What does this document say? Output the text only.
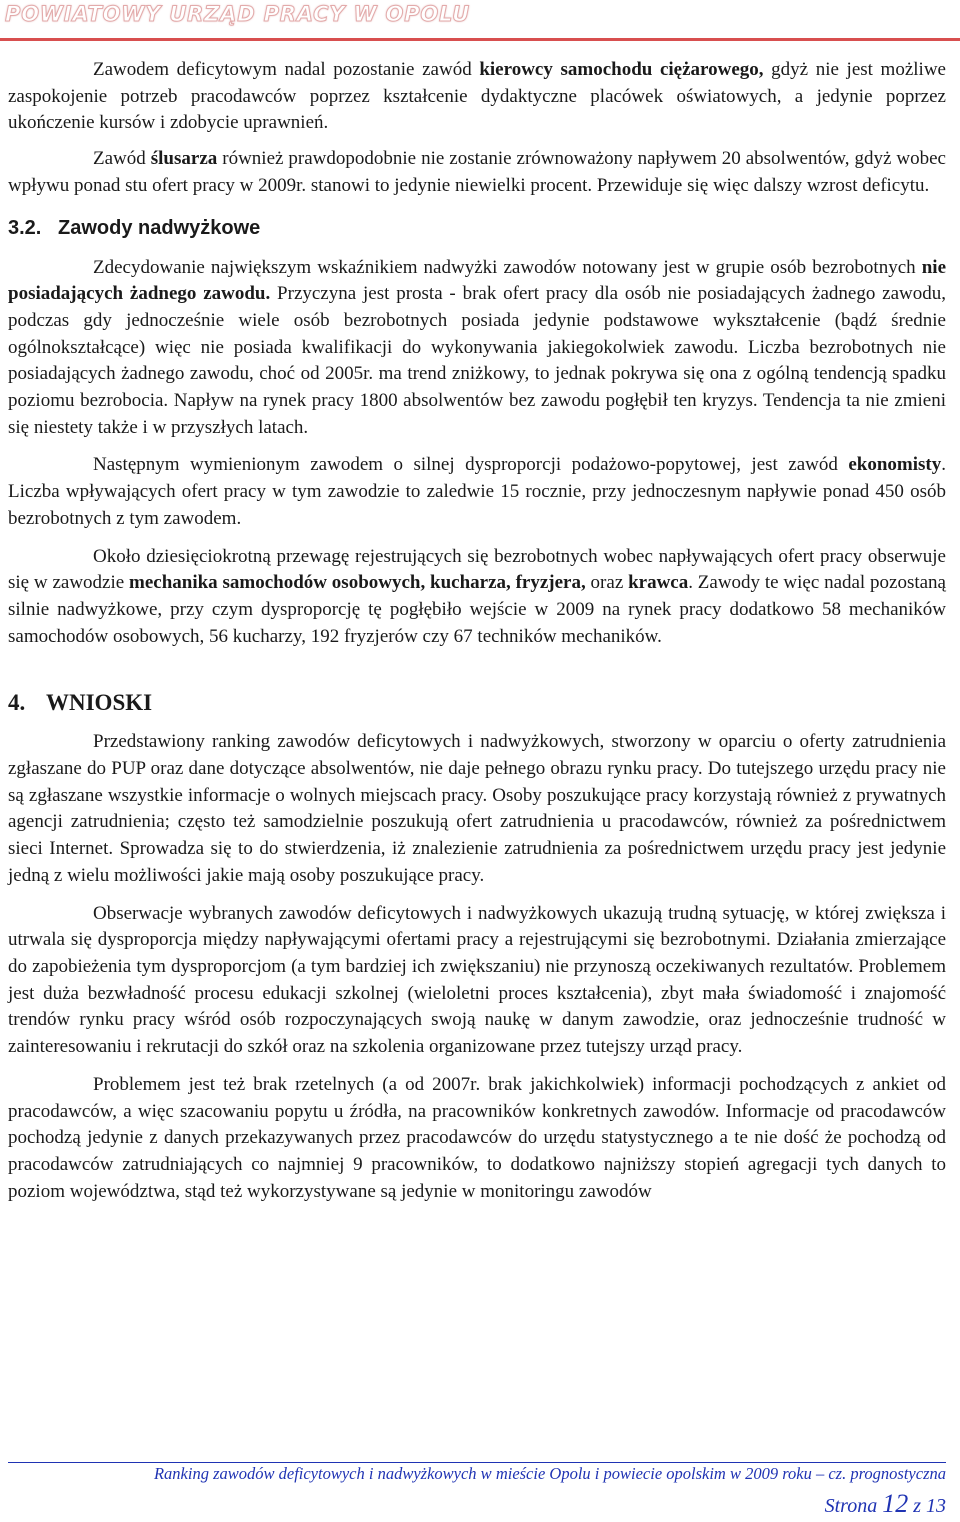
POWIATOWY URZĄD PRACY W OPOLU

Zawodem deficytowym nadal pozostanie zawód kierowcy samochodu ciężarowego, gdyż nie jest możliwe zaspokojenie potrzeb pracodawców poprzez kształcenie dydaktyczne placówek oświatowych, a jedynie poprzez ukończenie kursów i zdobycie uprawnień.

Zawód ślusarza również prawdopodobnie nie zostanie zrównoważony napływem 20 absolwentów, gdyż wobec wpływu ponad stu ofert pracy w 2009r. stanowi to jedynie niewielki procent. Przewiduje się więc dalszy wzrost deficytu.

3.2. Zawody nadwyżkowe

Zdecydowanie największym wskaźnikiem nadwyżki zawodów notowany jest w grupie osób bezrobotnych nie posiadających żadnego zawodu. Przyczyna jest prosta - brak ofert pracy dla osób nie posiadających żadnego zawodu, podczas gdy jednocześnie wiele osób bezrobotnych posiada jedynie podstawowe wykształcenie (bądź średnie ogólnokształcące) więc nie posiada kwalifikacji do wykonywania jakiegokolwiek zawodu. Liczba bezrobotnych nie posiadających żadnego zawodu, choć od 2005r. ma trend zniżkowy, to jednak pokrywa się ona z ogólną tendencją spadku poziomu bezrobocia. Napływ na rynek pracy 1800 absolwentów bez zawodu pogłębił ten kryzys. Tendencja ta nie zmieni się niestety także i w przyszłych latach.

Następnym wymienionym zawodem o silnej dysproporcji podażowo-popytowej, jest zawód ekonomisty. Liczba wpływających ofert pracy w tym zawodzie to zaledwie 15 rocznie, przy jednoczesnym napływie ponad 450 osób bezrobotnych z tym zawodem.

Około dziesięciokrotną przewagę rejestrujących się bezrobotnych wobec napływających ofert pracy obserwuje się w zawodzie mechanika samochodów osobowych, kucharza, fryzjera, oraz krawca. Zawody te więc nadal pozostaną silnie nadwyżkowe, przy czym dysproporcję tę pogłębiło wejście w 2009 na rynek pracy dodatkowo 58 mechaników samochodów osobowych, 56 kucharzy, 192 fryzjerów czy 67 techników mechaników.

4. WNIOSKI

Przedstawiony ranking zawodów deficytowych i nadwyżkowych, stworzony w oparciu o oferty zatrudnienia zgłaszane do PUP oraz dane dotyczące absolwentów, nie daje pełnego obrazu rynku pracy. Do tutejszego urzędu pracy nie są zgłaszane wszystkie informacje o wolnych miejscach pracy. Osoby poszukujące pracy korzystają również z prywatnych agencji zatrudnienia; często też samodzielnie poszukują ofert zatrudnienia u pracodawców, również za pośrednictwem sieci Internet. Sprowadza się to do stwierdzenia, iż znalezienie zatrudnienia za pośrednictwem urzędu pracy jest jedynie jedną z wielu możliwości jakie mają osoby poszukujące pracy.

Obserwacje wybranych zawodów deficytowych i nadwyżkowych ukazują trudną sytuację, w której zwiększa i utrwala się dysproporcja między napływającymi ofertami pracy a rejestrującymi się bezrobotnymi. Działania zmierzające do zapobieżenia tym dysproporcjom (a tym bardziej ich zwiększaniu) nie przynoszą oczekiwanych rezultatów. Problemem jest duża bezwładność procesu edukacji szkolnej (wieloletni proces kształcenia), zbyt mała świadomość i znajomość trendów rynku pracy wśród osób rozpoczynających swoją naukę w danym zawodzie, oraz jednocześnie trudność w zainteresowaniu i rekrutacji do szkół oraz na szkolenia organizowane przez tutejszy urząd pracy.

Problemem jest też brak rzetelnych (a od 2007r. brak jakichkolwiek) informacji pochodzących z ankiet od pracodawców, a więc szacowaniu popytu u źródła, na pracowników konkretnych zawodów. Informacje od pracodawców pochodzą jedynie z danych przekazywanych przez pracodawców do urzędu statystycznego a te nie dość że pochodzą od pracodawców zatrudniających co najmniej 9 pracowników, to dodatkowo najniższy stopień agregacji tych danych to poziom województwa, stąd też wykorzystywane są jedynie w monitoringu zawodów

Ranking zawodów deficytowych i nadwyżkowych w mieście Opolu i powiecie opolskim w 2009 roku – cz. prognostyczna
Strona 12 z 13
